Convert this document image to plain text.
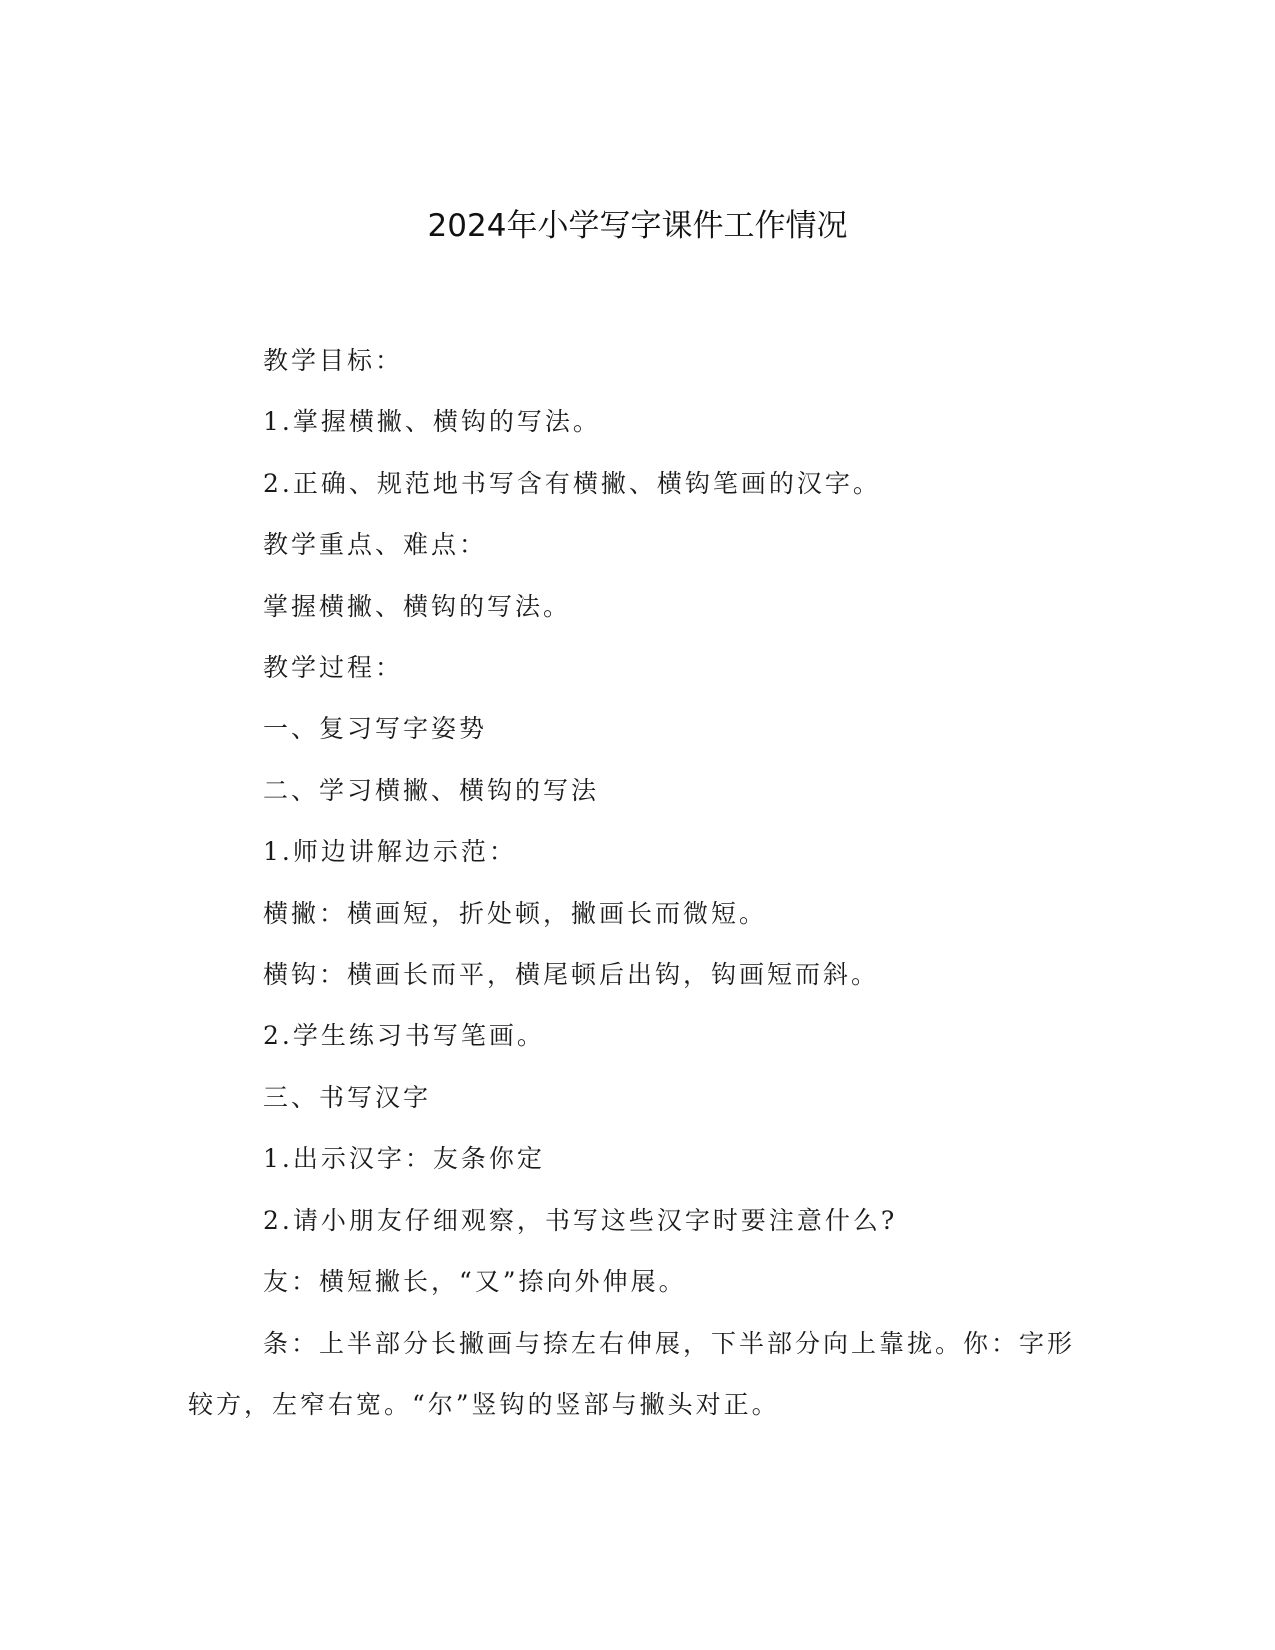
2024年小学写字课件工作情况

教学目标：

1.掌握横撇、横钩的写法。

2.正确、规范地书写含有横撇、横钩笔画的汉字。

教学重点、难点：

掌握横撇、横钩的写法。

教学过程：

一、复习写字姿势

二、学习横撇、横钩的写法

1.师边讲解边示范：

横撇：横画短，折处顿，撇画长而微短。

横钩：横画长而平，横尾顿后出钩，钩画短而斜。

2.学生练习书写笔画。

三、书写汉字

1.出示汉字：友条你定

2.请小朋友仔细观察，书写这些汉字时要注意什么?

友：横短撇长，“又”捺向外伸展。

条：上半部分长撇画与捺左右伸展，下半部分向上靠拢。你：字形较方，左窄右宽。“尔”竖钩的竖部与撇头对正。
